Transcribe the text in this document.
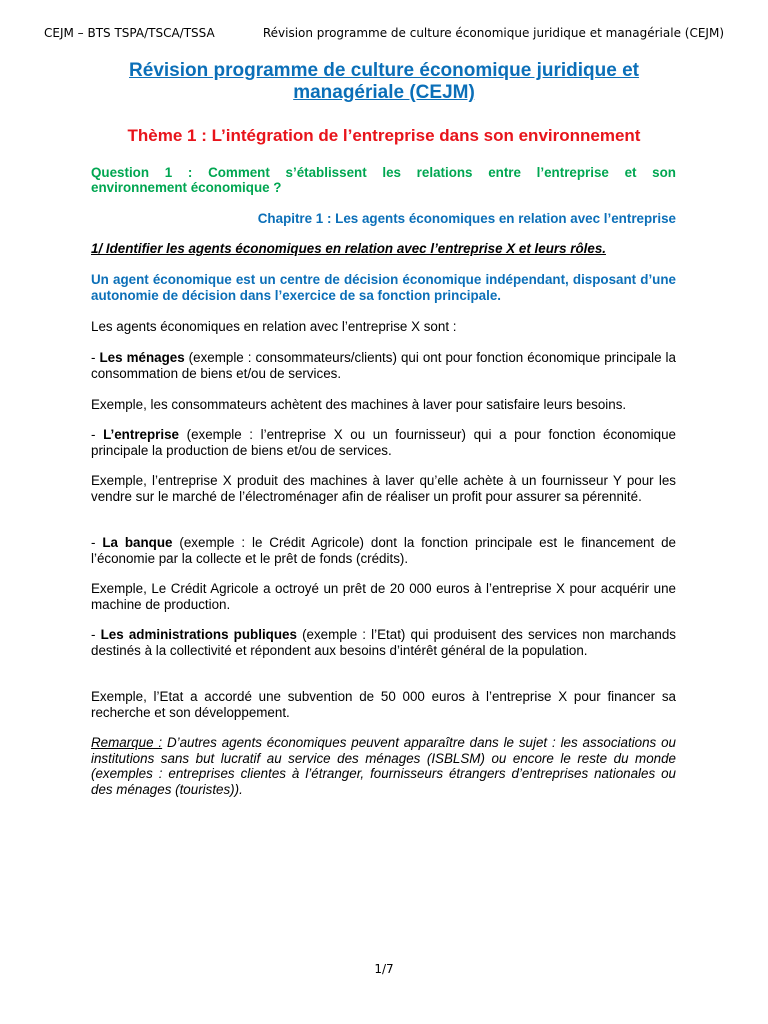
CEJM – BTS TSPA/TSCA/TSSA	Révision programme de culture économique juridique et managériale (CEJM)
Révision programme de culture économique juridique et managériale (CEJM)
Thème 1 : L’intégration de l’entreprise dans son environnement
Question 1 : Comment s’établissent les relations entre l’entreprise et son
environnement économique ?
Chapitre 1 : Les agents économiques en relation avec l’entreprise
1/ Identifier les agents économiques en relation avec l’entreprise X et leurs rôles.
Un agent économique est un centre de décision économique indépendant, disposant d’une autonomie de décision dans l’exercice de sa fonction principale.
Les agents économiques en relation avec l’entreprise X sont :
- Les ménages (exemple : consommateurs/clients) qui ont pour fonction économique principale la consommation de biens et/ou de services.
Exemple, les consommateurs achètent des machines à laver pour satisfaire leurs besoins.
- L’entreprise (exemple : l’entreprise X ou un fournisseur) qui a pour fonction économique principale la production de biens et/ou de services.
Exemple, l’entreprise X produit des machines à laver qu’elle achète à un fournisseur Y pour les vendre sur le marché de l’électroménager afin de réaliser un profit pour assurer sa pérennité.
- La banque (exemple : le Crédit Agricole) dont la fonction principale est le financement de l’économie par la collecte et le prêt de fonds (crédits).
Exemple, Le Crédit Agricole a octroyé un prêt de 20 000 euros à l’entreprise X pour acquérir une machine de production.
- Les administrations publiques (exemple : l’Etat) qui produisent des services non marchands destinés à la collectivité et répondent aux besoins d’intérêt général de la population.
Exemple, l’Etat a accordé une subvention de 50 000 euros à l’entreprise X pour financer sa recherche et son développement.
Remarque : D’autres agents économiques peuvent apparaître dans le sujet : les associations ou institutions sans but lucratif au service des ménages (ISBLSM) ou encore le reste du monde (exemples : entreprises clientes à l’étranger, fournisseurs étrangers d’entreprises nationales ou des ménages (touristes)).
1/7
